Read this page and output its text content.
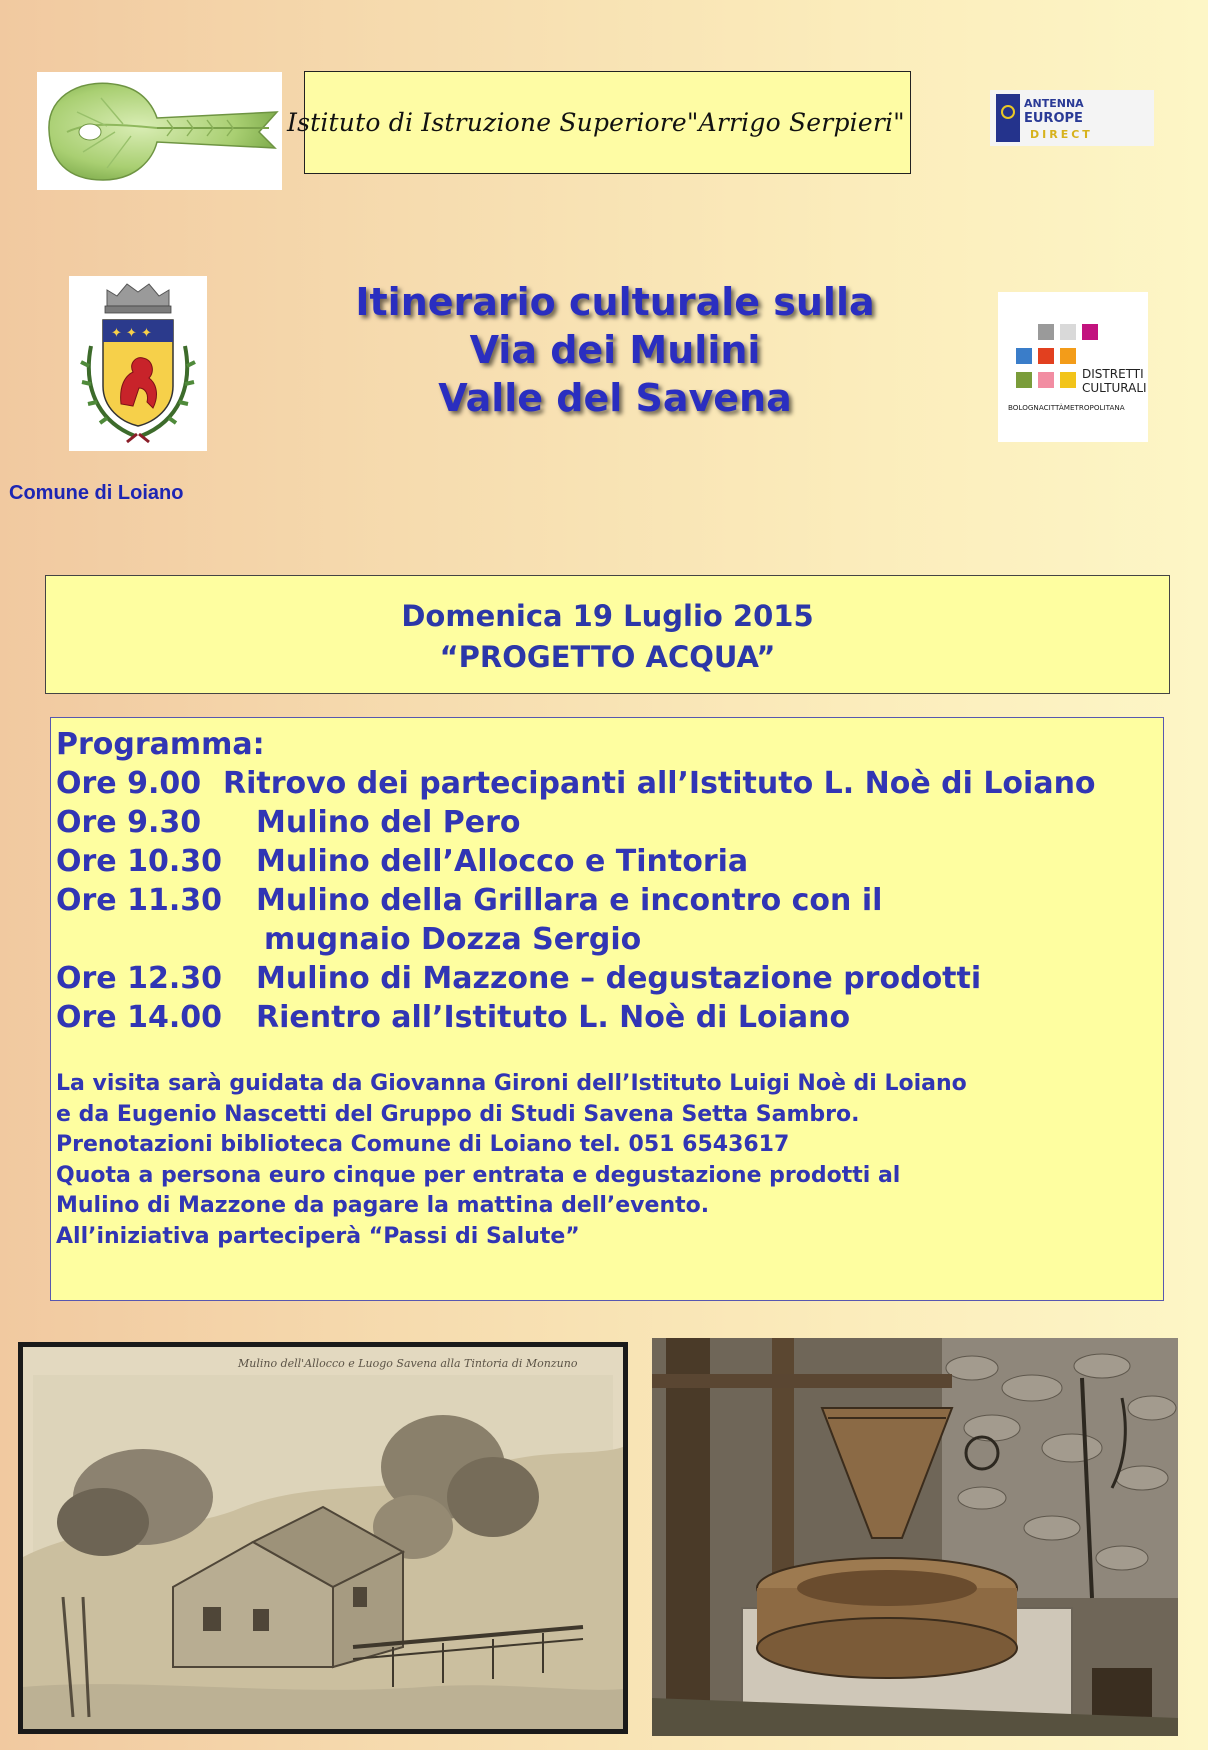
Istituto di Istruzione Superiore"Arrigo Serpieri"
ANTENNA
EUROPE
DIRECT
✦ ✦ ✦
Comune di Loiano
Itinerario culturale sulla
Via dei Mulini
Valle del Savena
DISTRETTI
CULTURALI
BOLOGNACITTÀMETROPOLITANA
Domenica 19 Luglio 2015
“PROGETTO ACQUA”
Programma:
Ore 9.00 Ritrovo dei partecipanti all’Istituto L. Noè di Loiano
Ore 9.30	Mulino del Pero
Ore 10.30	Mulino dell’Allocco e Tintoria
Ore 11.30	Mulino della Grillara e incontro con il
mugnaio Dozza Sergio
Ore 12.30	Mulino di Mazzone – degustazione prodotti
Ore 14.00	Rientro all’Istituto L. Noè di Loiano
La visita sarà guidata da Giovanna Gironi dell’Istituto Luigi Noè di Loiano
e da Eugenio Nascetti del Gruppo di Studi Savena Setta Sambro.
Prenotazioni biblioteca Comune di Loiano tel. 051 6543617
Quota a persona euro cinque per entrata e degustazione prodotti al
Mulino di Mazzone da pagare la mattina dell’evento.
All’iniziativa parteciperà “Passi di Salute”
Mulino dell'Allocco e Luogo Savena alla Tintoria di Monzuno
